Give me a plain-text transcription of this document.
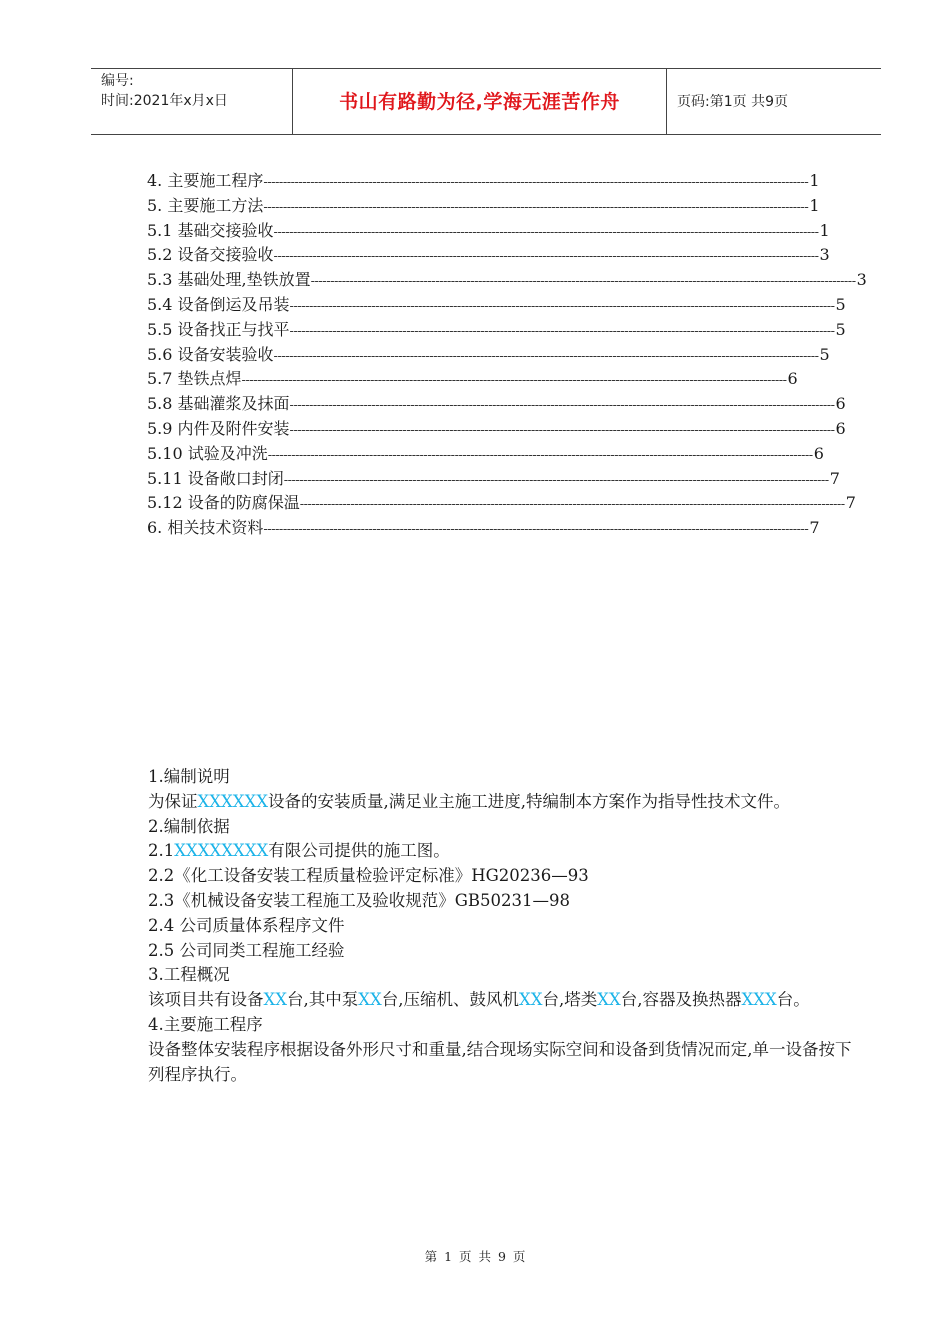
编号:
时间:2021年x月x日	书山有路勤为径,学海无涯苦作舟	页码:第1页 共9页
4. 主要施工程序 -------------------------------------------------------------------------------------------------------------------------------------------- 1
5. 主要施工方法 -------------------------------------------------------------------------------------------------------------------------------------------- 1
5.1 基础交接验收 -------------------------------------------------------------------------------------------------------------------------------------------- 1
5.2 设备交接验收 -------------------------------------------------------------------------------------------------------------------------------------------- 3
5.3 基础处理,垫铁放置 -------------------------------------------------------------------------------------------------------------------------------------------- 3
5.4 设备倒运及吊装 -------------------------------------------------------------------------------------------------------------------------------------------- 5
5.5 设备找正与找平 -------------------------------------------------------------------------------------------------------------------------------------------- 5
5.6 设备安装验收 -------------------------------------------------------------------------------------------------------------------------------------------- 5
5.7 垫铁点焊 -------------------------------------------------------------------------------------------------------------------------------------------- 6
5.8 基础灌浆及抹面 -------------------------------------------------------------------------------------------------------------------------------------------- 6
5.9 内件及附件安装 -------------------------------------------------------------------------------------------------------------------------------------------- 6
5.10 试验及冲洗 -------------------------------------------------------------------------------------------------------------------------------------------- 6
5.11 设备敞口封闭 -------------------------------------------------------------------------------------------------------------------------------------------- 7
5.12 设备的防腐保温 -------------------------------------------------------------------------------------------------------------------------------------------- 7
6. 相关技术资料 -------------------------------------------------------------------------------------------------------------------------------------------- 7

1.编制说明

为保证XXXXXX设备的安装质量,满足业主施工进度,特编制本方案作为指导性技术文件。

2.编制依据

2.1XXXXXXXX有限公司提供的施工图。

2.2《化工设备安装工程质量检验评定标准》HG20236—93

2.3《机械设备安装工程施工及验收规范》GB50231—98

2.4 公司质量体系程序文件

2.5 公司同类工程施工经验

3.工程概况

该项目共有设备XX台,其中泵XX台,压缩机、鼓风机XX台,塔类XX台,容器及换热器XXX台。

4.主要施工程序

设备整体安装程序根据设备外形尺寸和重量,结合现场实际空间和设备到货情况而定,单一设备按下列程序执行。

第 1 页 共 9 页
